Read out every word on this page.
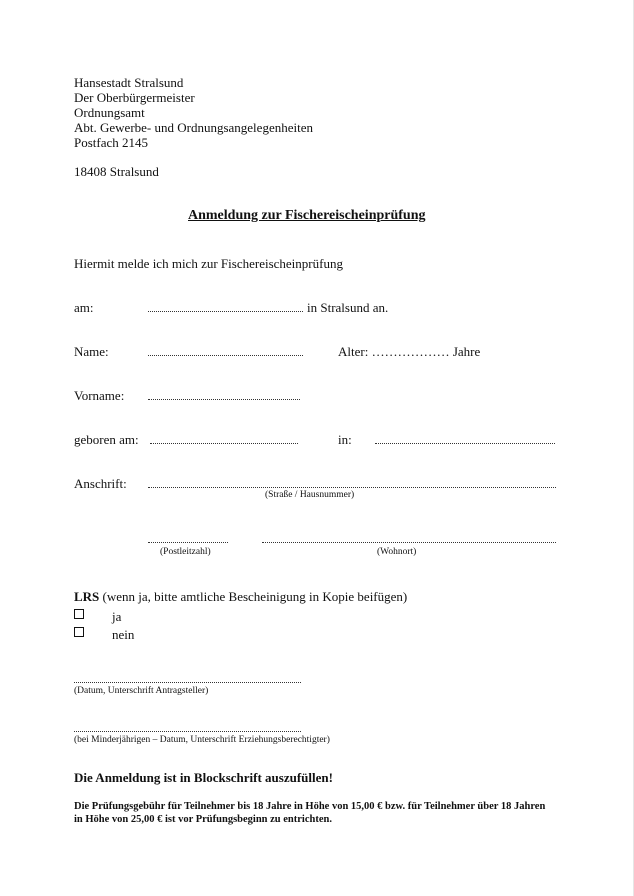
Hansestadt Stralsund
Der Oberbürgermeister
Ordnungsamt
Abt. Gewerbe- und Ordnungsangelegenheiten
Postfach 2145
18408 Stralsund
Anmeldung zur Fischereischeinprüfung
Hiermit melde ich mich zur Fischereischeinprüfung
am:	in Stralsund an.
Name:	Alter: ……………… Jahre
Vorname:
geboren am:	in:
Anschrift:
(Straße / Hausnummer)
(Postleitzahl)	(Wohnort)
LRS (wenn ja, bitte amtliche Bescheinigung in Kopie beifügen)
ja
nein
(Datum, Unterschrift Antragsteller)
(bei Minderjährigen – Datum, Unterschrift Erziehungsberechtigter)
Die Anmeldung ist in Blockschrift auszufüllen!
Die Prüfungsgebühr für Teilnehmer bis 18 Jahre in Höhe von 15,00 € bzw. für Teilnehmer über 18 Jahren
in Höhe von 25,00 € ist vor Prüfungsbeginn zu entrichten.
